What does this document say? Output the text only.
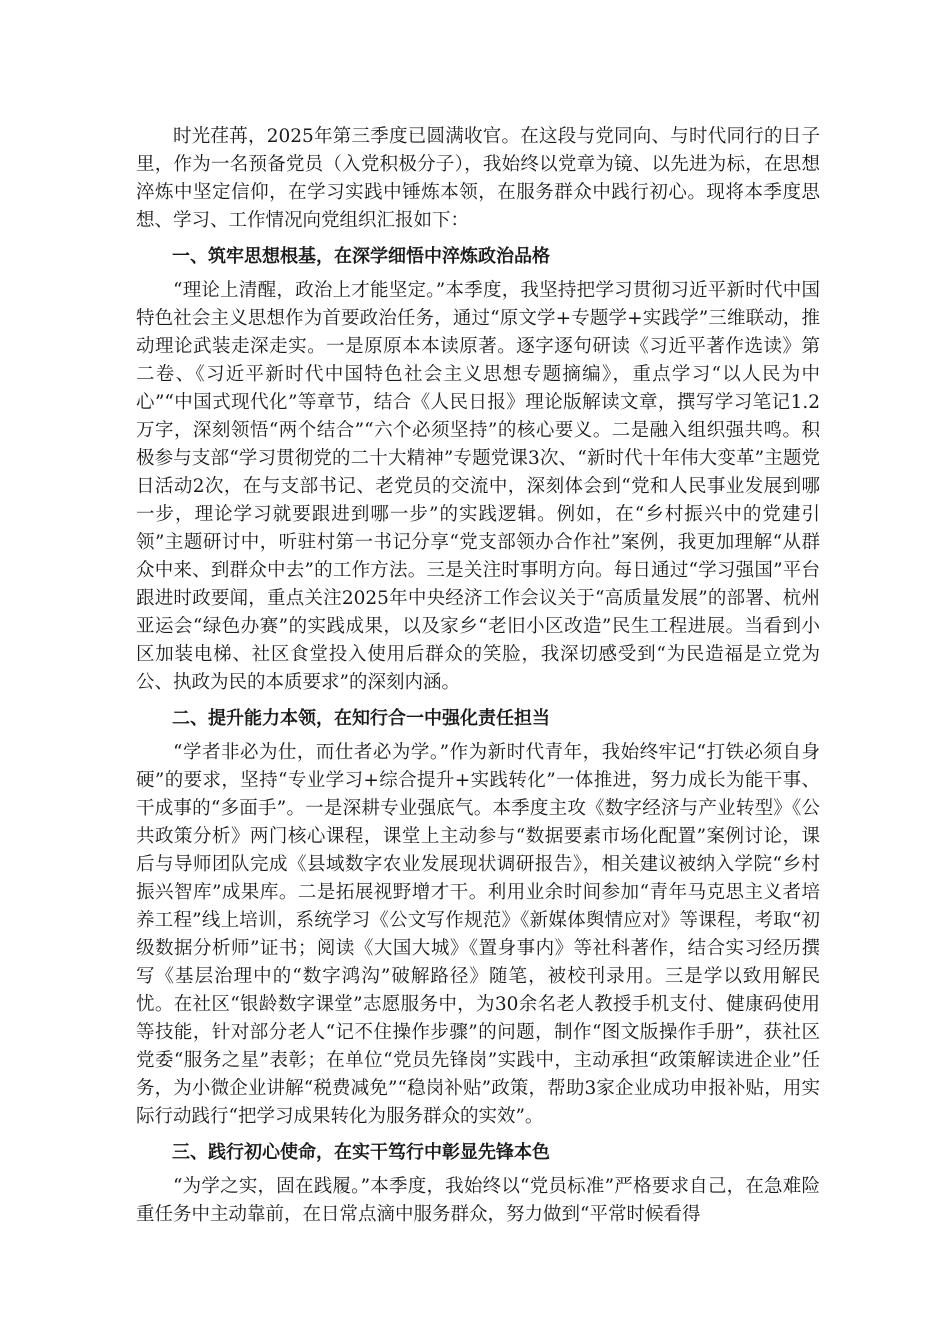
时光荏苒，2025年第三季度已圆满收官。在这段与党同向、与时代同行的日子里，作为一名预备党员（入党积极分子），我始终以党章为镜、以先进为标，在思想淬炼中坚定信仰，在学习实践中锤炼本领，在服务群众中践行初心。现将本季度思想、学习、工作情况向党组织汇报如下：

一、筑牢思想根基，在深学细悟中淬炼政治品格

“理论上清醒，政治上才能坚定。”本季度，我坚持把学习贯彻习近平新时代中国特色社会主义思想作为首要政治任务，通过“原文学+专题学+实践学”三维联动，推动理论武装走深走实。一是原原本本读原著。逐字逐句研读《习近平著作选读》第二卷、《习近平新时代中国特色社会主义思想专题摘编》，重点学习“以人民为中心”“中国式现代化”等章节，结合《人民日报》理论版解读文章，撰写学习笔记1.2万字，深刻领悟“两个结合”“六个必须坚持”的核心要义。二是融入组织强共鸣。积极参与支部“学习贯彻党的二十大精神”专题党课3次、“新时代十年伟大变革”主题党日活动2次，在与支部书记、老党员的交流中，深刻体会到“党和人民事业发展到哪一步，理论学习就要跟进到哪一步”的实践逻辑。例如，在“乡村振兴中的党建引领”主题研讨中，听驻村第一书记分享“党支部领办合作社”案例，我更加理解“从群众中来、到群众中去”的工作方法。三是关注时事明方向。每日通过“学习强国”平台跟进时政要闻，重点关注2025年中央经济工作会议关于“高质量发展”的部署、杭州亚运会“绿色办赛”的实践成果，以及家乡“老旧小区改造”民生工程进展。当看到小区加装电梯、社区食堂投入使用后群众的笑脸，我深切感受到“为民造福是立党为公、执政为民的本质要求”的深刻内涵。

二、提升能力本领，在知行合一中强化责任担当

“学者非必为仕，而仕者必为学。”作为新时代青年，我始终牢记“打铁必须自身硬”的要求，坚持“专业学习+综合提升+实践转化”一体推进，努力成长为能干事、干成事的“多面手”。一是深耕专业强底气。本季度主攻《数字经济与产业转型》《公共政策分析》两门核心课程，课堂上主动参与“数据要素市场化配置”案例讨论，课后与导师团队完成《县域数字农业发展现状调研报告》，相关建议被纳入学院“乡村振兴智库”成果库。二是拓展视野增才干。利用业余时间参加“青年马克思主义者培养工程”线上培训，系统学习《公文写作规范》《新媒体舆情应对》等课程，考取“初级数据分析师”证书；阅读《大国大城》《置身事内》等社科著作，结合实习经历撰写《基层治理中的“数字鸿沟”破解路径》随笔，被校刊录用。三是学以致用解民忧。在社区“银龄数字课堂”志愿服务中，为30余名老人教授手机支付、健康码使用等技能，针对部分老人“记不住操作步骤”的问题，制作“图文版操作手册”，获社区党委“服务之星”表彰；在单位“党员先锋岗”实践中，主动承担“政策解读进企业”任务，为小微企业讲解“税费减免”“稳岗补贴”政策，帮助3家企业成功申报补贴，用实际行动践行“把学习成果转化为服务群众的实效”。

三、践行初心使命，在实干笃行中彰显先锋本色

“为学之实，固在践履。”本季度，我始终以“党员标准”严格要求自己，在急难险重任务中主动靠前，在日常点滴中服务群众，努力做到“平常时候看得
